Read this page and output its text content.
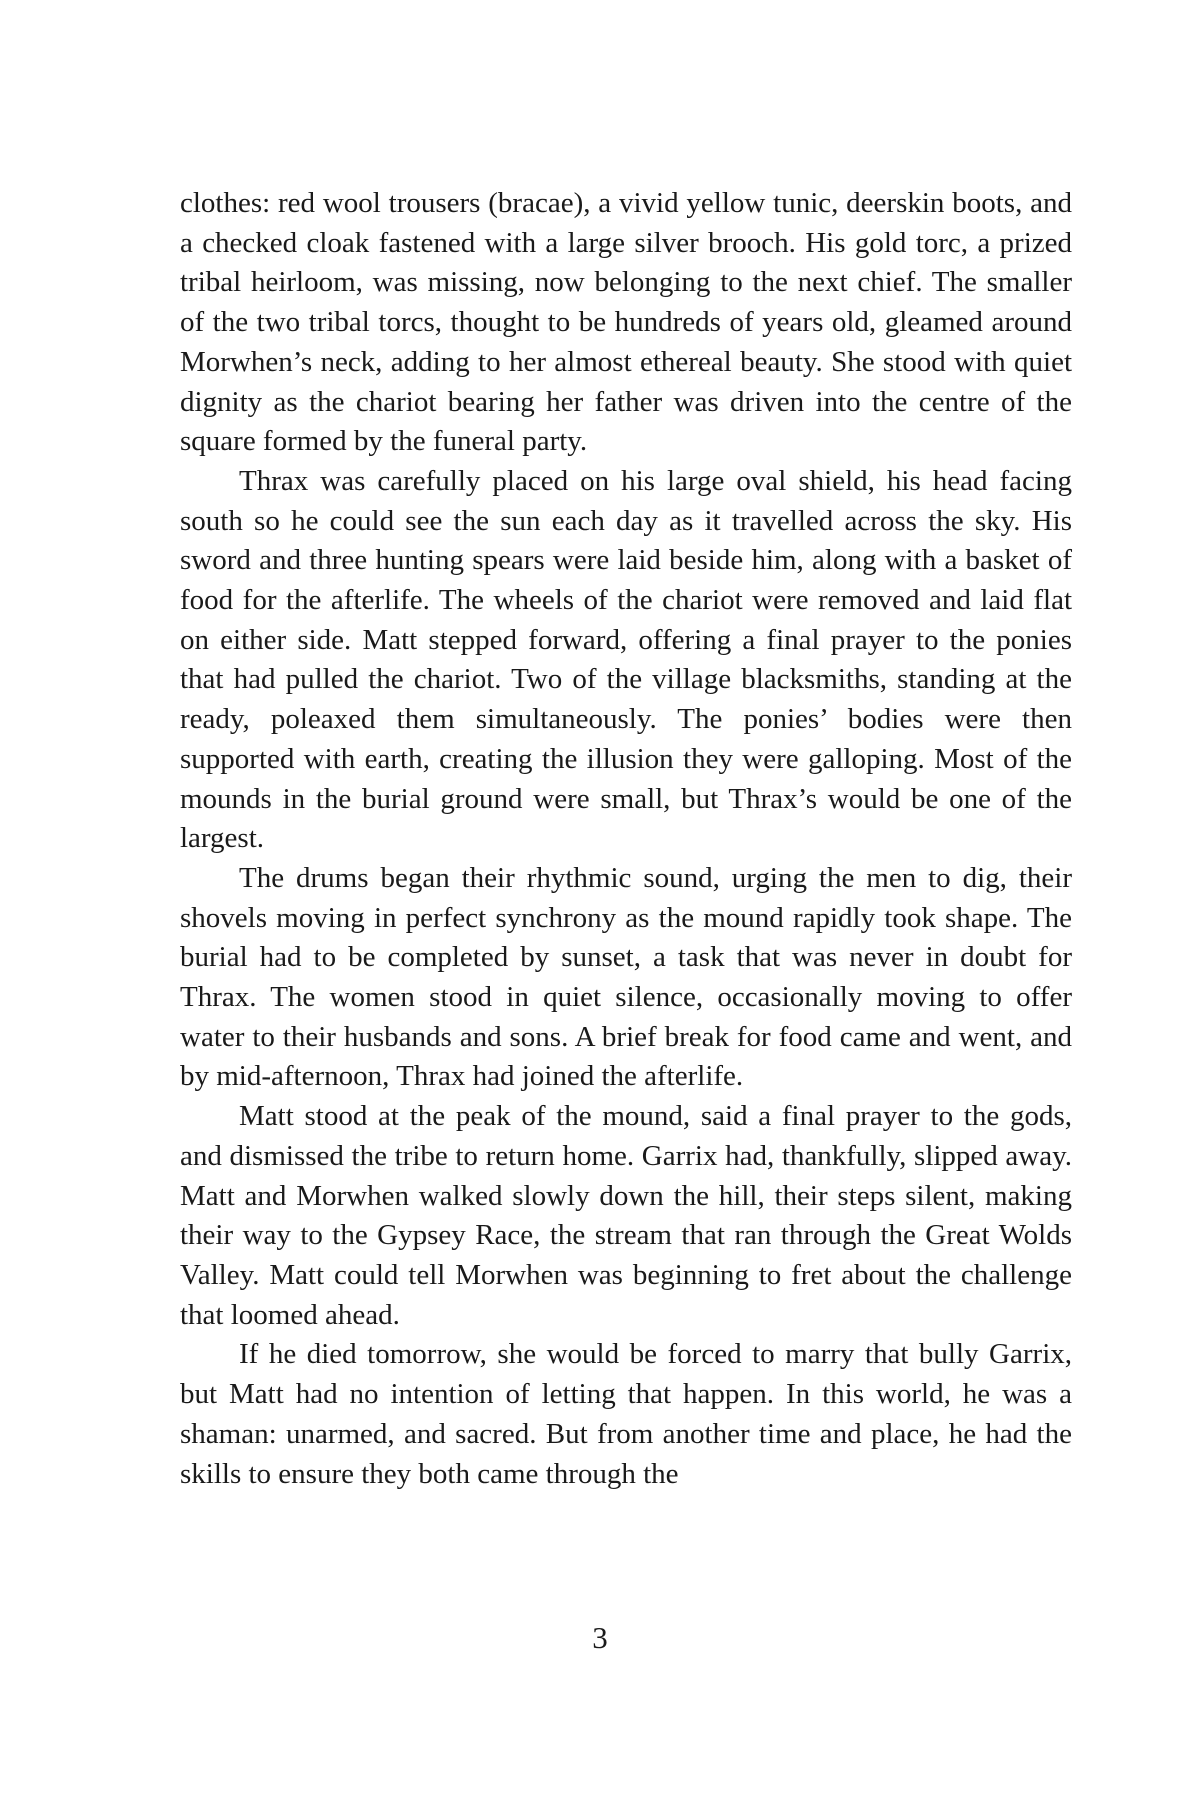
clothes: red wool trousers (bracae), a vivid yellow tunic, deerskin boots, and a checked cloak fastened with a large silver brooch. His gold torc, a prized tribal heirloom, was missing, now belonging to the next chief. The smaller of the two tribal torcs, thought to be hundreds of years old, gleamed around Morwhen’s neck, adding to her almost ethereal beauty. She stood with quiet dignity as the chariot bearing her father was driven into the centre of the square formed by the funeral party.

Thrax was carefully placed on his large oval shield, his head facing south so he could see the sun each day as it travelled across the sky. His sword and three hunting spears were laid beside him, along with a basket of food for the afterlife. The wheels of the chariot were removed and laid flat on either side. Matt stepped forward, offering a final prayer to the ponies that had pulled the chariot. Two of the village blacksmiths, standing at the ready, poleaxed them simultaneously. The ponies’ bodies were then supported with earth, creating the illusion they were galloping. Most of the mounds in the burial ground were small, but Thrax’s would be one of the largest.

The drums began their rhythmic sound, urging the men to dig, their shovels moving in perfect synchrony as the mound rapidly took shape. The burial had to be completed by sunset, a task that was never in doubt for Thrax. The women stood in quiet silence, occasionally moving to offer water to their husbands and sons. A brief break for food came and went, and by mid-afternoon, Thrax had joined the afterlife.

Matt stood at the peak of the mound, said a final prayer to the gods, and dismissed the tribe to return home. Garrix had, thankfully, slipped away. Matt and Morwhen walked slowly down the hill, their steps silent, making their way to the Gypsey Race, the stream that ran through the Great Wolds Valley. Matt could tell Morwhen was beginning to fret about the challenge that loomed ahead.

If he died tomorrow, she would be forced to marry that bully Garrix, but Matt had no intention of letting that happen. In this world, he was a shaman: unarmed, and sacred. But from another time and place, he had the skills to ensure they both came through the

3
